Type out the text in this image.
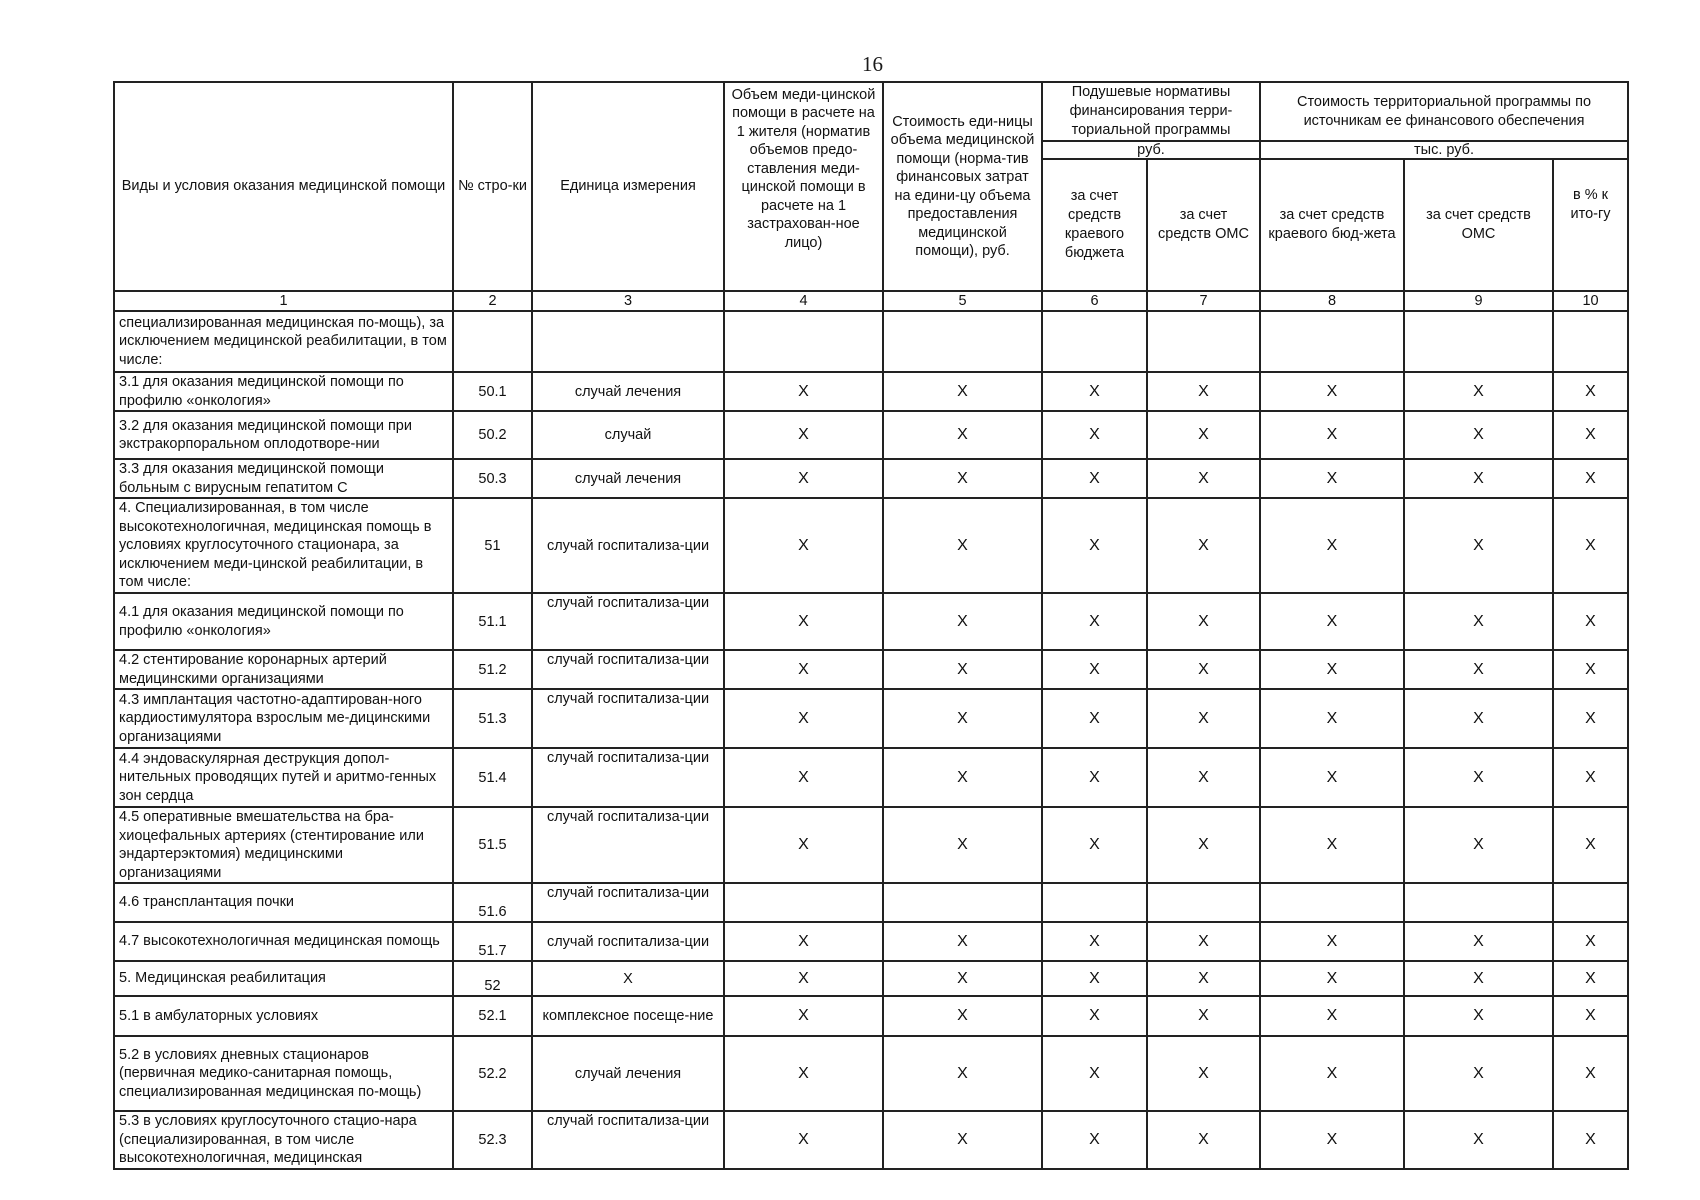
16
Виды и условия оказания медицинской помощи	№ стро-ки	Единица измерения	Объем меди-цинской помощи в расчете на 1 жителя (норматив объемов предо-ставления меди-цинской помощи в расчете на 1 застрахован-ное лицо)	Стоимость еди-ницы объема медицинской помощи (норма-тив финансовых затрат на едини-цу объема предоставления медицинской помощи), руб.	Подушевые нормативы финансирования терри-ториальной программы		Стоимость территориальной программы по источникам ее финансового обеспечения		
					руб.		тыс. руб.		
					за счет средств краевого бюджета	за счет средств ОМС	за счет средств краевого бюд-жета	за счет средств ОМС	в % к ито-гу
1	2	3	4	5	6	7	8	9	10
специализированная медицинская по-мощь), за исключением медицинской реабилитации, в том числе:									
3.1 для оказания медицинской помощи по профилю «онкология»	50.1	случай лечения	X	X	X	X	X	X	X
3.2 для оказания медицинской помощи при экстракорпоральном оплодотворе-нии	50.2	случай	X	X	X	X	X	X	X
3.3 для оказания медицинской помощи больным с вирусным гепатитом С	50.3	случай лечения	X	X	X	X	X	X	X
4. Специализированная, в том числе высокотехнологичная, медицинская помощь в условиях круглосуточного стационара, за исключением меди-цинской реабилитации, в том числе:	51	случай госпитализа-ции	X	X	X	X	X	X	X
4.1 для оказания медицинской помощи по профилю «онкология»	51.1	случай госпитализа-ции	X	X	X	X	X	X	X
4.2 стентирование коронарных артерий медицинскими организациями	51.2	случай госпитализа-ции	X	X	X	X	X	X	X
4.3 имплантация частотно-адаптирован-ного кардиостимулятора взрослым ме-дицинскими организациями	51.3	случай госпитализа-ции	X	X	X	X	X	X	X
4.4 эндоваскулярная деструкция допол-нительных проводящих путей и аритмо-генных зон сердца	51.4	случай госпитализа-ции	X	X	X	X	X	X	X
4.5 оперативные вмешательства на бра-хиоцефальных артериях (стентирование или эндартерэктомия) медицинскими организациями	51.5	случай госпитализа-ции	X	X	X	X	X	X	X
4.6 трансплантация почки	51.6	случай госпитализа-ции							
4.7 высокотехнологичная медицинская помощь	51.7	случай госпитализа-ции	X	X	X	X	X	X	X
5. Медицинская реабилитация	52	X	X	X	X	X	X	X	X
5.1 в амбулаторных условиях	52.1	комплексное посеще-ние	X	X	X	X	X	X	X
5.2 в условиях дневных стационаров (первичная медико-санитарная помощь, специализированная медицинская по-мощь)	52.2	случай лечения	X	X	X	X	X	X	X
5.3 в условиях круглосуточного стацио-нара (специализированная, в том числе высокотехнологичная, медицинская	52.3	случай госпитализа-ции	X	X	X	X	X	X	X
